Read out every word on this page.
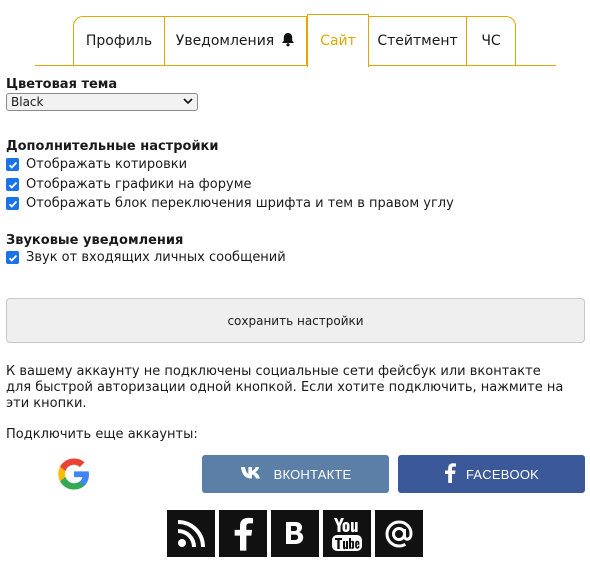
Профиль Уведомления	Сайт Стейтмент ЧС
Цветовая тема
Black
Дополнительные настройки
Отображать котировки
Отображать графики на форуме
Отображать блок переключения шрифта и тем в правом углу
Звуковые уведомления
Звук от входящих личных сообщений
сохранить настройки
К вашему аккаунту не подключены социальные сети фейсбук или вконтакте для быстрой авторизации одной кнопкой. Если хотите подключить, нажмите на эти кнопки.
Подключить еще аккаунты:
ВКОНТАКТЕ	FACEBOOK
